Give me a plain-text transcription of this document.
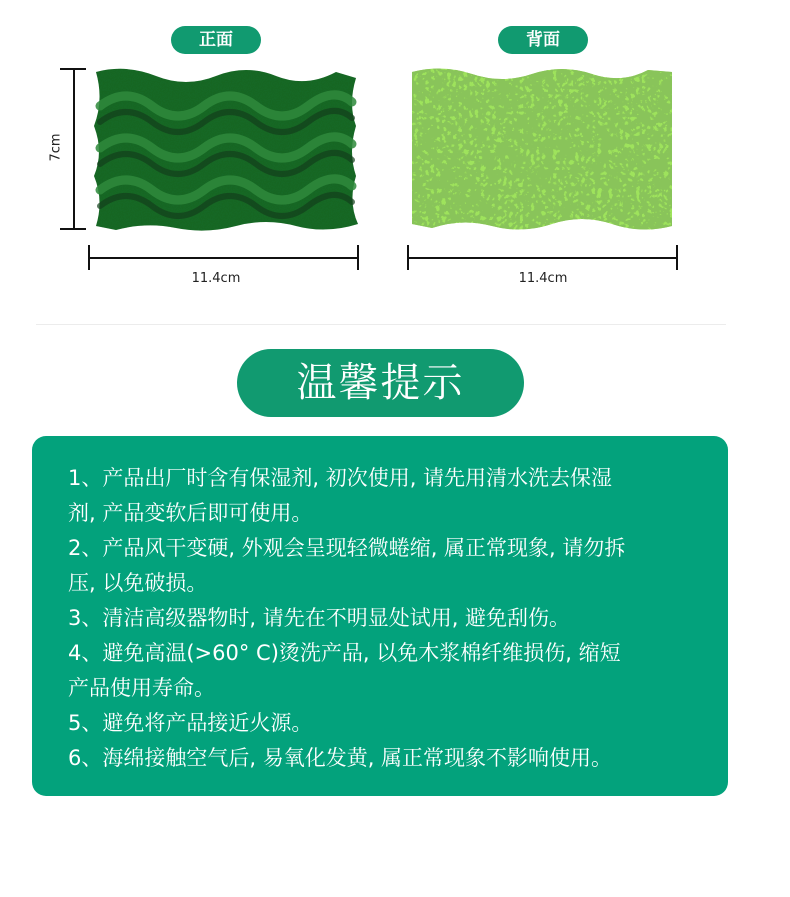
正面	背面
7cm
11.4cm	11.4cm
温馨提示

1、产品出厂时含有保湿剂, 初次使用, 请先用清水洗去保湿

剂, 产品变软后即可使用。

2、产品风干变硬, 外观会呈现轻微蜷缩, 属正常现象, 请勿拆

压, 以免破损。

3、清洁高级器物时, 请先在不明显处试用, 避免刮伤。

4、避免高温(>60° C)烫洗产品, 以免木浆棉纤维损伤, 缩短

产品使用寿命。

5、避免将产品接近火源。

6、海绵接触空气后, 易氧化发黄, 属正常现象不影响使用。
